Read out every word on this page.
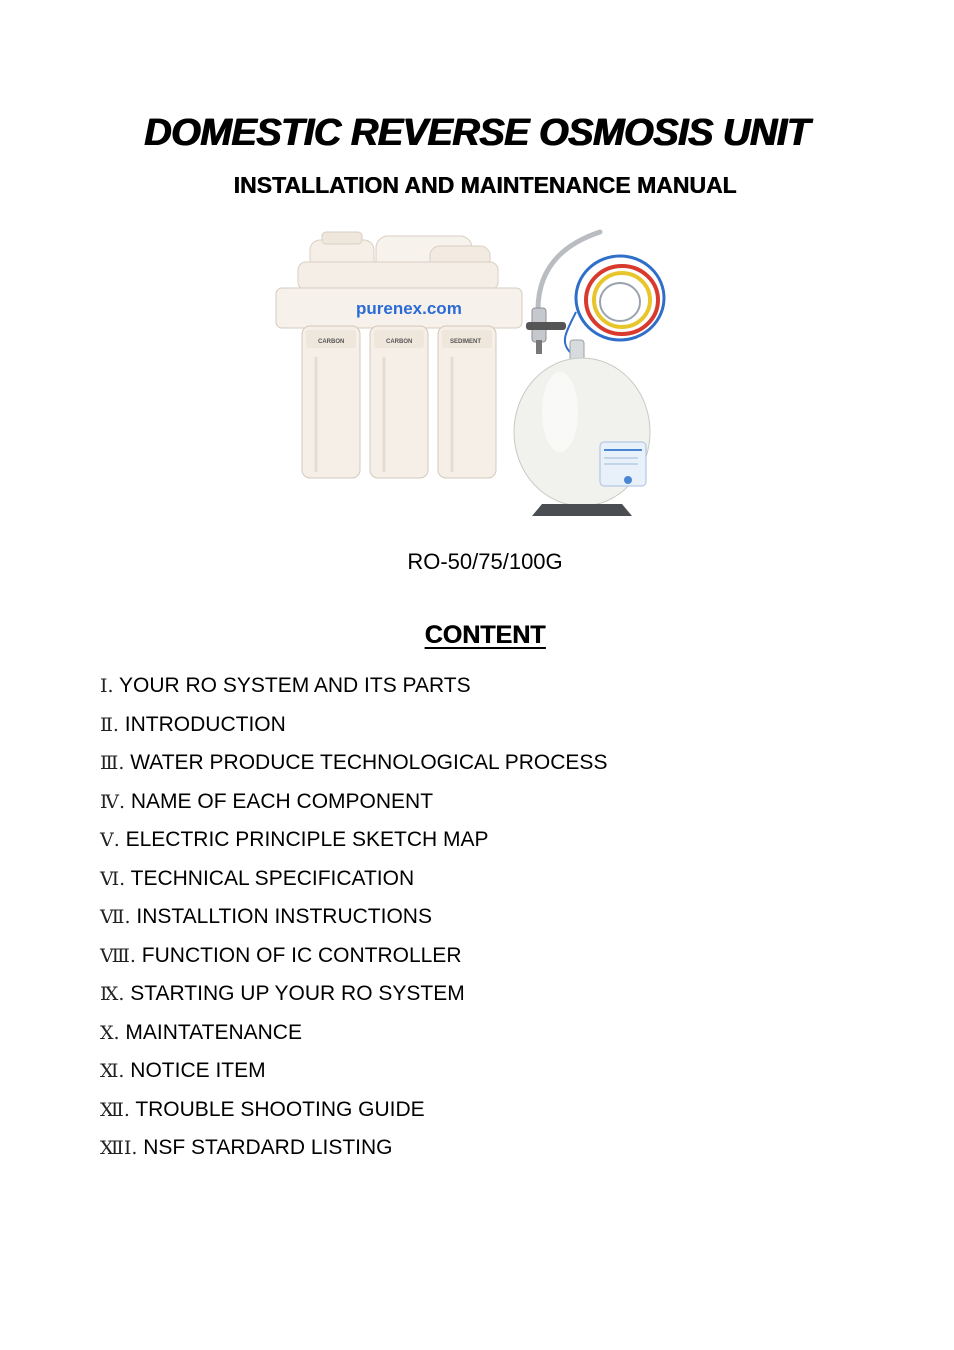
DOMESTIC REVERSE OSMOSIS UNIT
INSTALLATION AND MAINTENANCE MANUAL
purenex.com
CARBON	CARBON	SEDIMENT
RO-50/75/100G
CONTENT
Ⅰ. YOUR RO SYSTEM AND ITS PARTS
Ⅱ. INTRODUCTION
Ⅲ. WATER PRODUCE TECHNOLOGICAL PROCESS
Ⅳ. NAME OF EACH COMPONENT
Ⅴ. ELECTRIC PRINCIPLE SKETCH MAP
Ⅵ. TECHNICAL SPECIFICATION
Ⅶ. INSTALLTION INSTRUCTIONS
Ⅷ. FUNCTION OF IC CONTROLLER
Ⅸ. STARTING UP YOUR RO SYSTEM
Ⅹ. MAINTATENANCE
Ⅺ. NOTICE ITEM
Ⅻ. TROUBLE SHOOTING GUIDE
ⅫⅠ. NSF STARDARD LISTING
